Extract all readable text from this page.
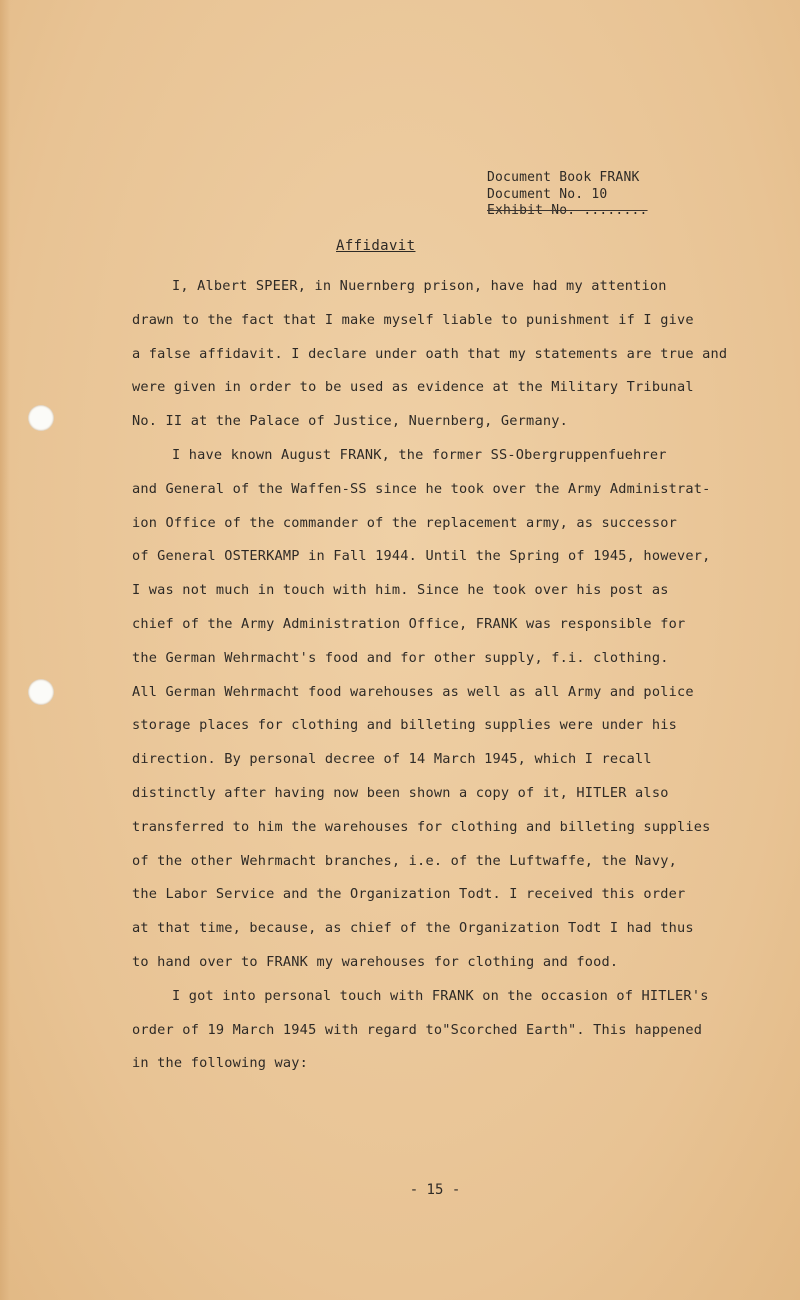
Document Book FRANK
Document No. 10
Exhibit No. ........
Affidavit
I, Albert SPEER, in Nuernberg prison, have had my attention
drawn to the fact that I make myself liable to punishment if I give
a false affidavit. I declare under oath that my statements are true and
were given in order to be used as evidence at the Military Tribunal
No. II at the Palace of Justice, Nuernberg, Germany.
I have known August FRANK, the former SS-Obergruppenfuehrer
and General of the Waffen-SS since he took over the Army Administrat-
ion Office of the commander of the replacement army, as successor
of General OSTERKAMP in Fall 1944. Until the Spring of 1945, however,
I was not much in touch with him. Since he took over his post as
chief of the Army Administration Office, FRANK was responsible for
the German Wehrmacht's food and for other supply, f.i. clothing.
All German Wehrmacht food warehouses as well as all Army and police
storage places for clothing and billeting supplies were under his
direction. By personal decree of 14 March 1945, which I recall
distinctly after having now been shown a copy of it, HITLER also
transferred to him the warehouses for clothing and billeting supplies
of the other Wehrmacht branches, i.e. of the Luftwaffe, the Navy,
the Labor Service and the Organization Todt. I received this order
at that time, because, as chief of the Organization Todt I had thus
to hand over to FRANK my warehouses for clothing and food.
I got into personal touch with FRANK on the occasion of HITLER's
order of 19 March 1945 with regard to"Scorched Earth". This happened
in the following way:
- 15 -
